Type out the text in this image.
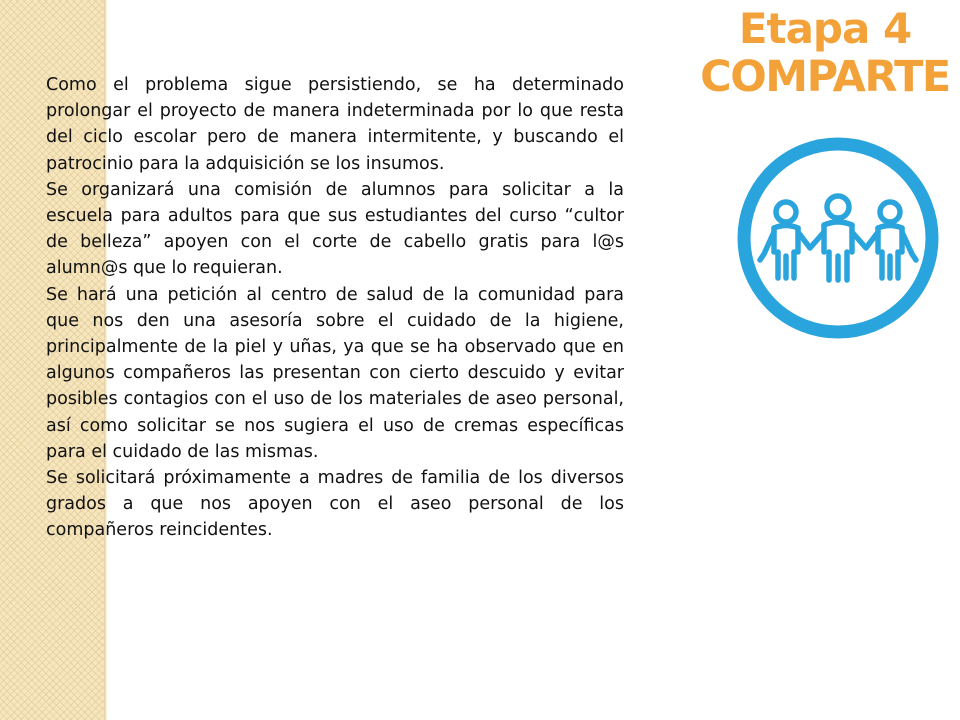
Como el problema sigue persistiendo, se ha determinado prolongar el proyecto de manera indeterminada por lo que resta del ciclo escolar pero de manera intermitente, y buscando el patrocinio para la adquisición se los insumos.

Se organizará una comisión de alumnos para solicitar a la escuela para adultos para que sus estudiantes del curso “cultor de belleza” apoyen con el corte de cabello gratis para l@s alumn@s que lo requieran.

Se hará una petición al centro de salud de la comunidad para que nos den una asesoría sobre el cuidado de la higiene, principalmente de la piel y uñas, ya que se ha observado que en algunos compañeros las presentan con cierto descuido y evitar posibles contagios con el uso de los materiales de aseo personal, así como solicitar se nos sugiera el uso de cremas específicas para el cuidado de las mismas.

Se solicitará próximamente a madres de familia de los diversos grados a que nos apoyen con el aseo personal de los compañeros reincidentes.

Etapa 4
COMPARTE
